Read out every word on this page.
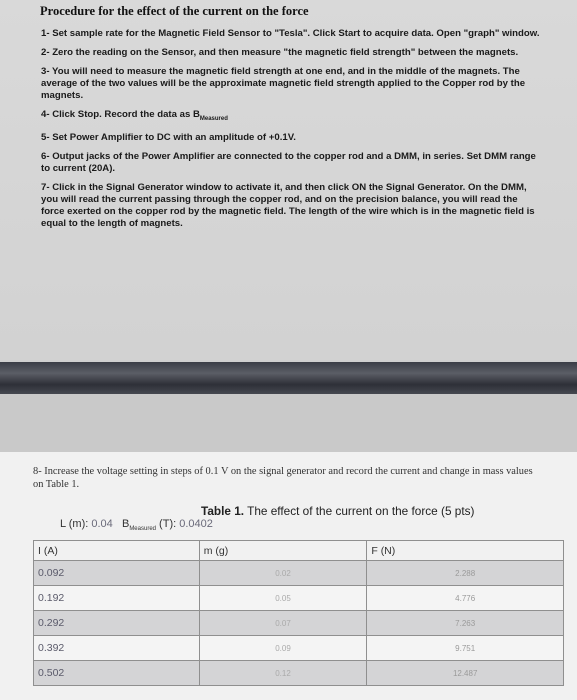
Procedure for the effect of the current on the force
1- Set sample rate for the Magnetic Field Sensor to "Tesla". Click Start to acquire data. Open "graph" window.
2- Zero the reading on the Sensor, and then measure "the magnetic field strength" between the magnets.
3- You will need to measure the magnetic field strength at one end, and in the middle of the magnets. The average of the two values will be the approximate magnetic field strength applied to the Copper rod by the magnets.
4- Click Stop. Record the data as $B_{Measured}$
5- Set Power Amplifier to DC with an amplitude of +0.1V.
6- Output jacks of the Power Amplifier are connected to the copper rod and a DMM, in series. Set DMM range to current (20A).
7- Click in the Signal Generator window to activate it, and then click ON the Signal Generator. On the DMM, you will read the current passing through the copper rod, and on the precision balance, you will read the force exerted on the copper rod by the magnetic field. The length of the wire which is in the magnetic field is equal to the length of magnets.
8- Increase the voltage setting in steps of 0.1 V on the signal generator and record the current and change in mass values on Table 1.
Table 1. The effect of the current on the force (5 pts)
L (m): 0.04 $B_{Measured}$ (T): 0.0402
I (A)	m (g)	F (N)
0.092	0.02	2.288
0.192	0.05	4.776
0.292	0.07	7.263
0.392	0.09	9.751
0.502	0.12	12.487
